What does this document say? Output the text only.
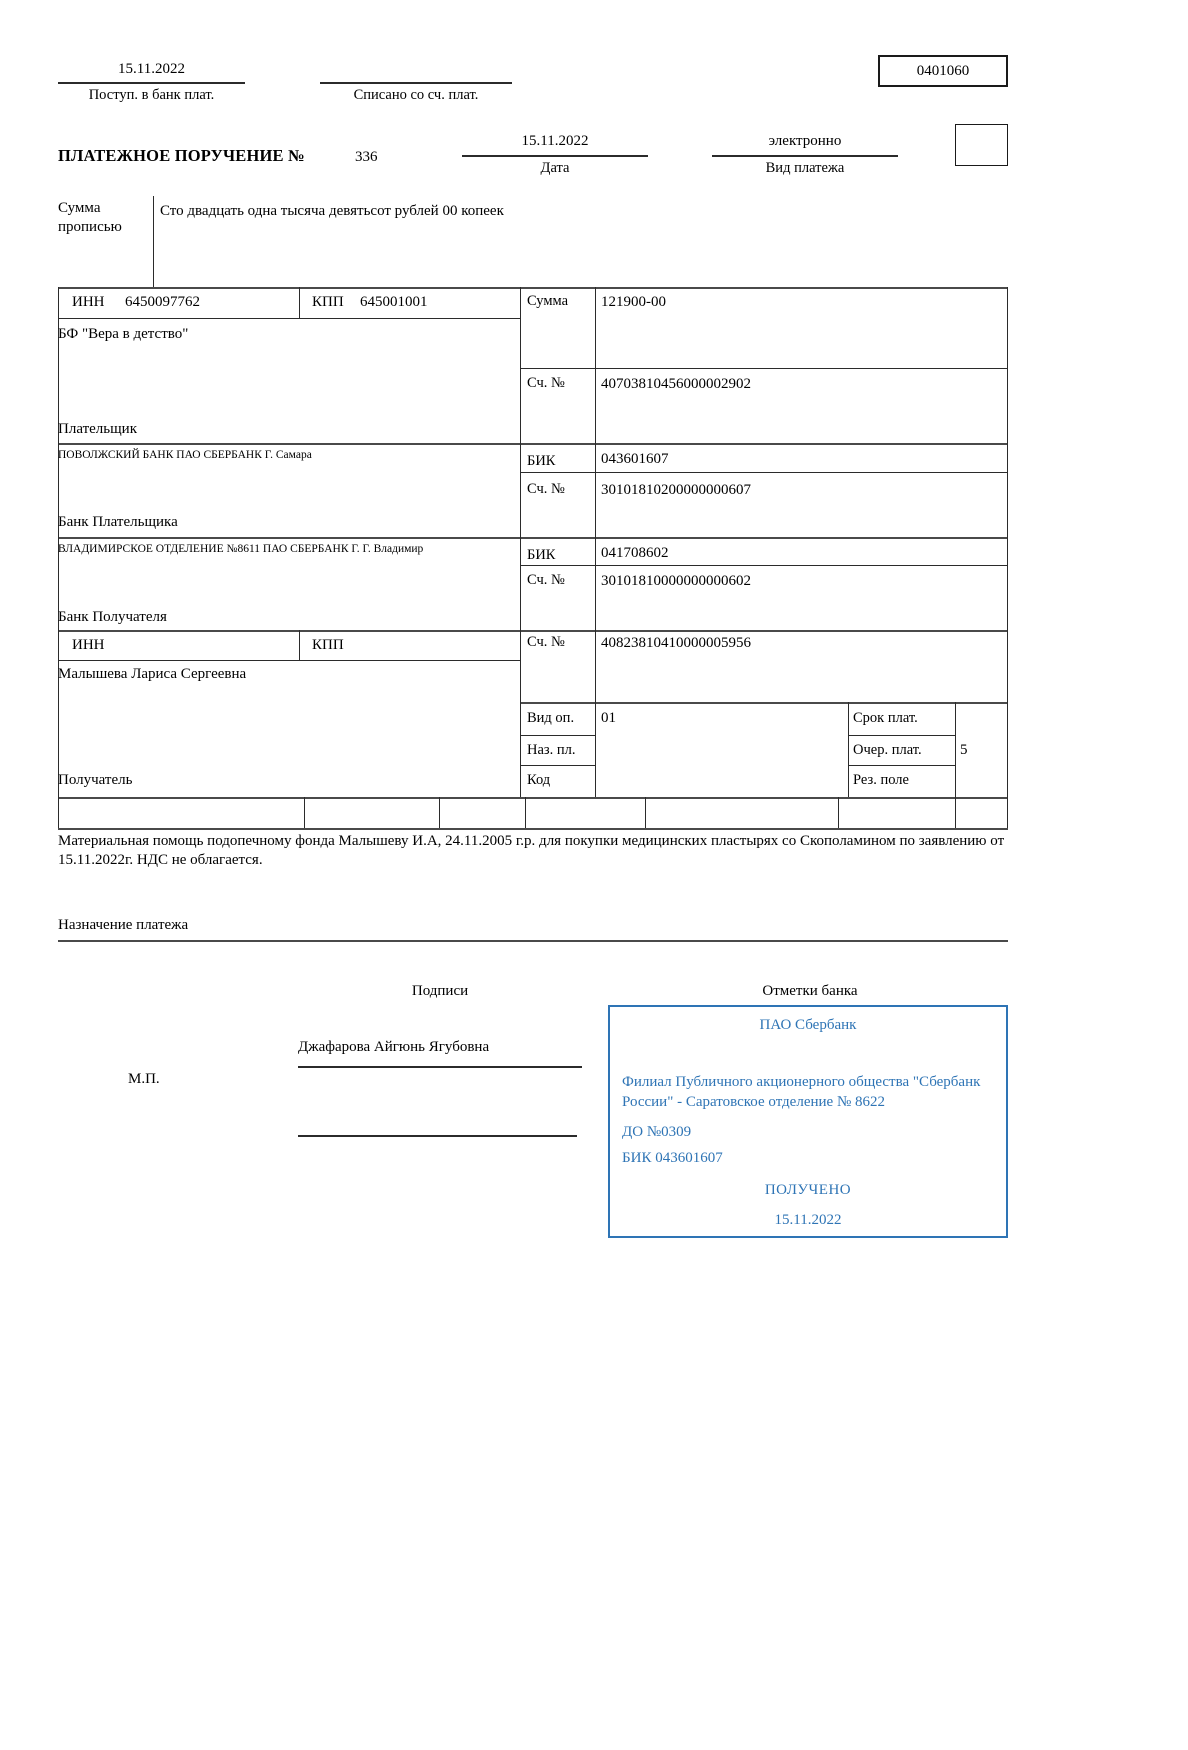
15.11.2022
Поступ. в банк плат.	Списано со сч. плат.
0401060
ПЛАТЕЖНОЕ ПОРУЧЕНИЕ №	336
15.11.2022
Дата
электронно
Вид платежа
Сумма прописью
Сто двадцать одна тысяча девятьсот рублей 00 копеек
ИНН 6450097762	КПП 645001001	Сумма 121900-00
БФ "Вера в детство"
Сч. № 40703810456000002902
Плательщик
ПОВОЛЖСКИЙ БАНК ПАО СБЕРБАНК Г. Самара	БИК	043601607
Сч. № 30101810200000000607
Банк Плательщика
ВЛАДИМИРСКОЕ ОТДЕЛЕНИЕ №8611 ПАО СБЕРБАНК Г. Г. Владимир	БИК	041708602
Сч. № 30101810000000000602
Банк Получателя
ИНН	КПП	Сч. № 40823810410000005956
Малышева Лариса Сергеевна
Вид оп. 01	Срок плат.
Наз. пл.	Очер. плат.	5
Код	Рез. поле
Получатель
Материальная помощь подопечному фонда Малышеву И.А, 24.11.2005 г.р. для покупки медицинских пластырях со Скополамином по заявлению от 15.11.2022г. НДС не облагается.
Назначение платежа
Подписи	Отметки банка
Джафарова Айгюнь Ягубовна
М.П.
ПАО Сбербанк
Филиал Публичного акционерного общества "Сбербанк России" - Саратовское отделение № 8622
ДО №0309
БИК 043601607
ПОЛУЧЕНО
15.11.2022
